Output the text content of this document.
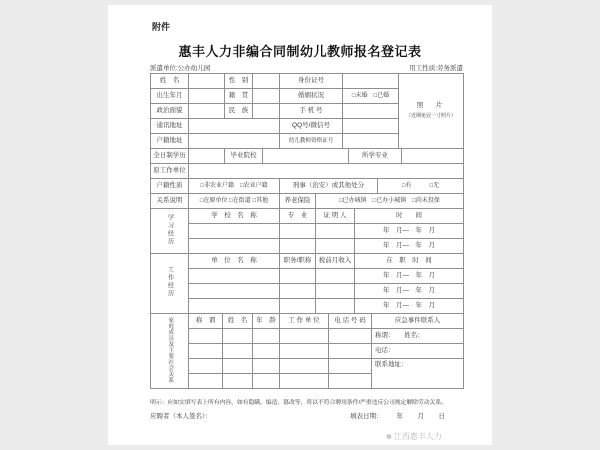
附件
惠丰人力非编合同制幼儿教师报名登记表
派遣单位:公办幼儿园	用工性质:劳务派遣
姓　名		性　别			身份证号					照　片
（近期免冠一寸照片）	

出生年月		籍　贯			婚姻状况		□未婚　□已婚				
政治面貌		民　族			手 机 号						
通讯地址					QQ号/微信号						
户籍地址					幼儿教师资格证号						
全日制学历		毕业院校						所学专业			
原工作单位											
户籍性质	□非农业户籍　□农业户籍				刑事（治安）或其他处分				□有　　　□无		
关系说明	□在原单位 □在街道 □其他				养老保险	□已办城镇　□已办小城镇　□尚未投保					
学习经历	学　校　名　称	专　业	证 明 人	时　　间
				年　月—　年　月
				年　月—　年　月
工作经历	单　位　名　称	职务/职称	税前月收入	在　职　时　间
				年　月—　年　月
				年　月—　年　月
				年　月—　年　月
家庭成员及主要社会关系	称　谓	姓　名	年　龄	工 作 单 位	电 话 号 码	应急事件联系人
						称谓：　　姓名：
						电话：
						联系地址：

明示：应如实填写表上所有内容，如有隐瞒、编造、篡改等，将以不符合聘用条件/严重违反公司规定解除劳动关系。
应聘者（本人签名）：	填表日期： 年　月　日
✽ 江西惠丰人力
